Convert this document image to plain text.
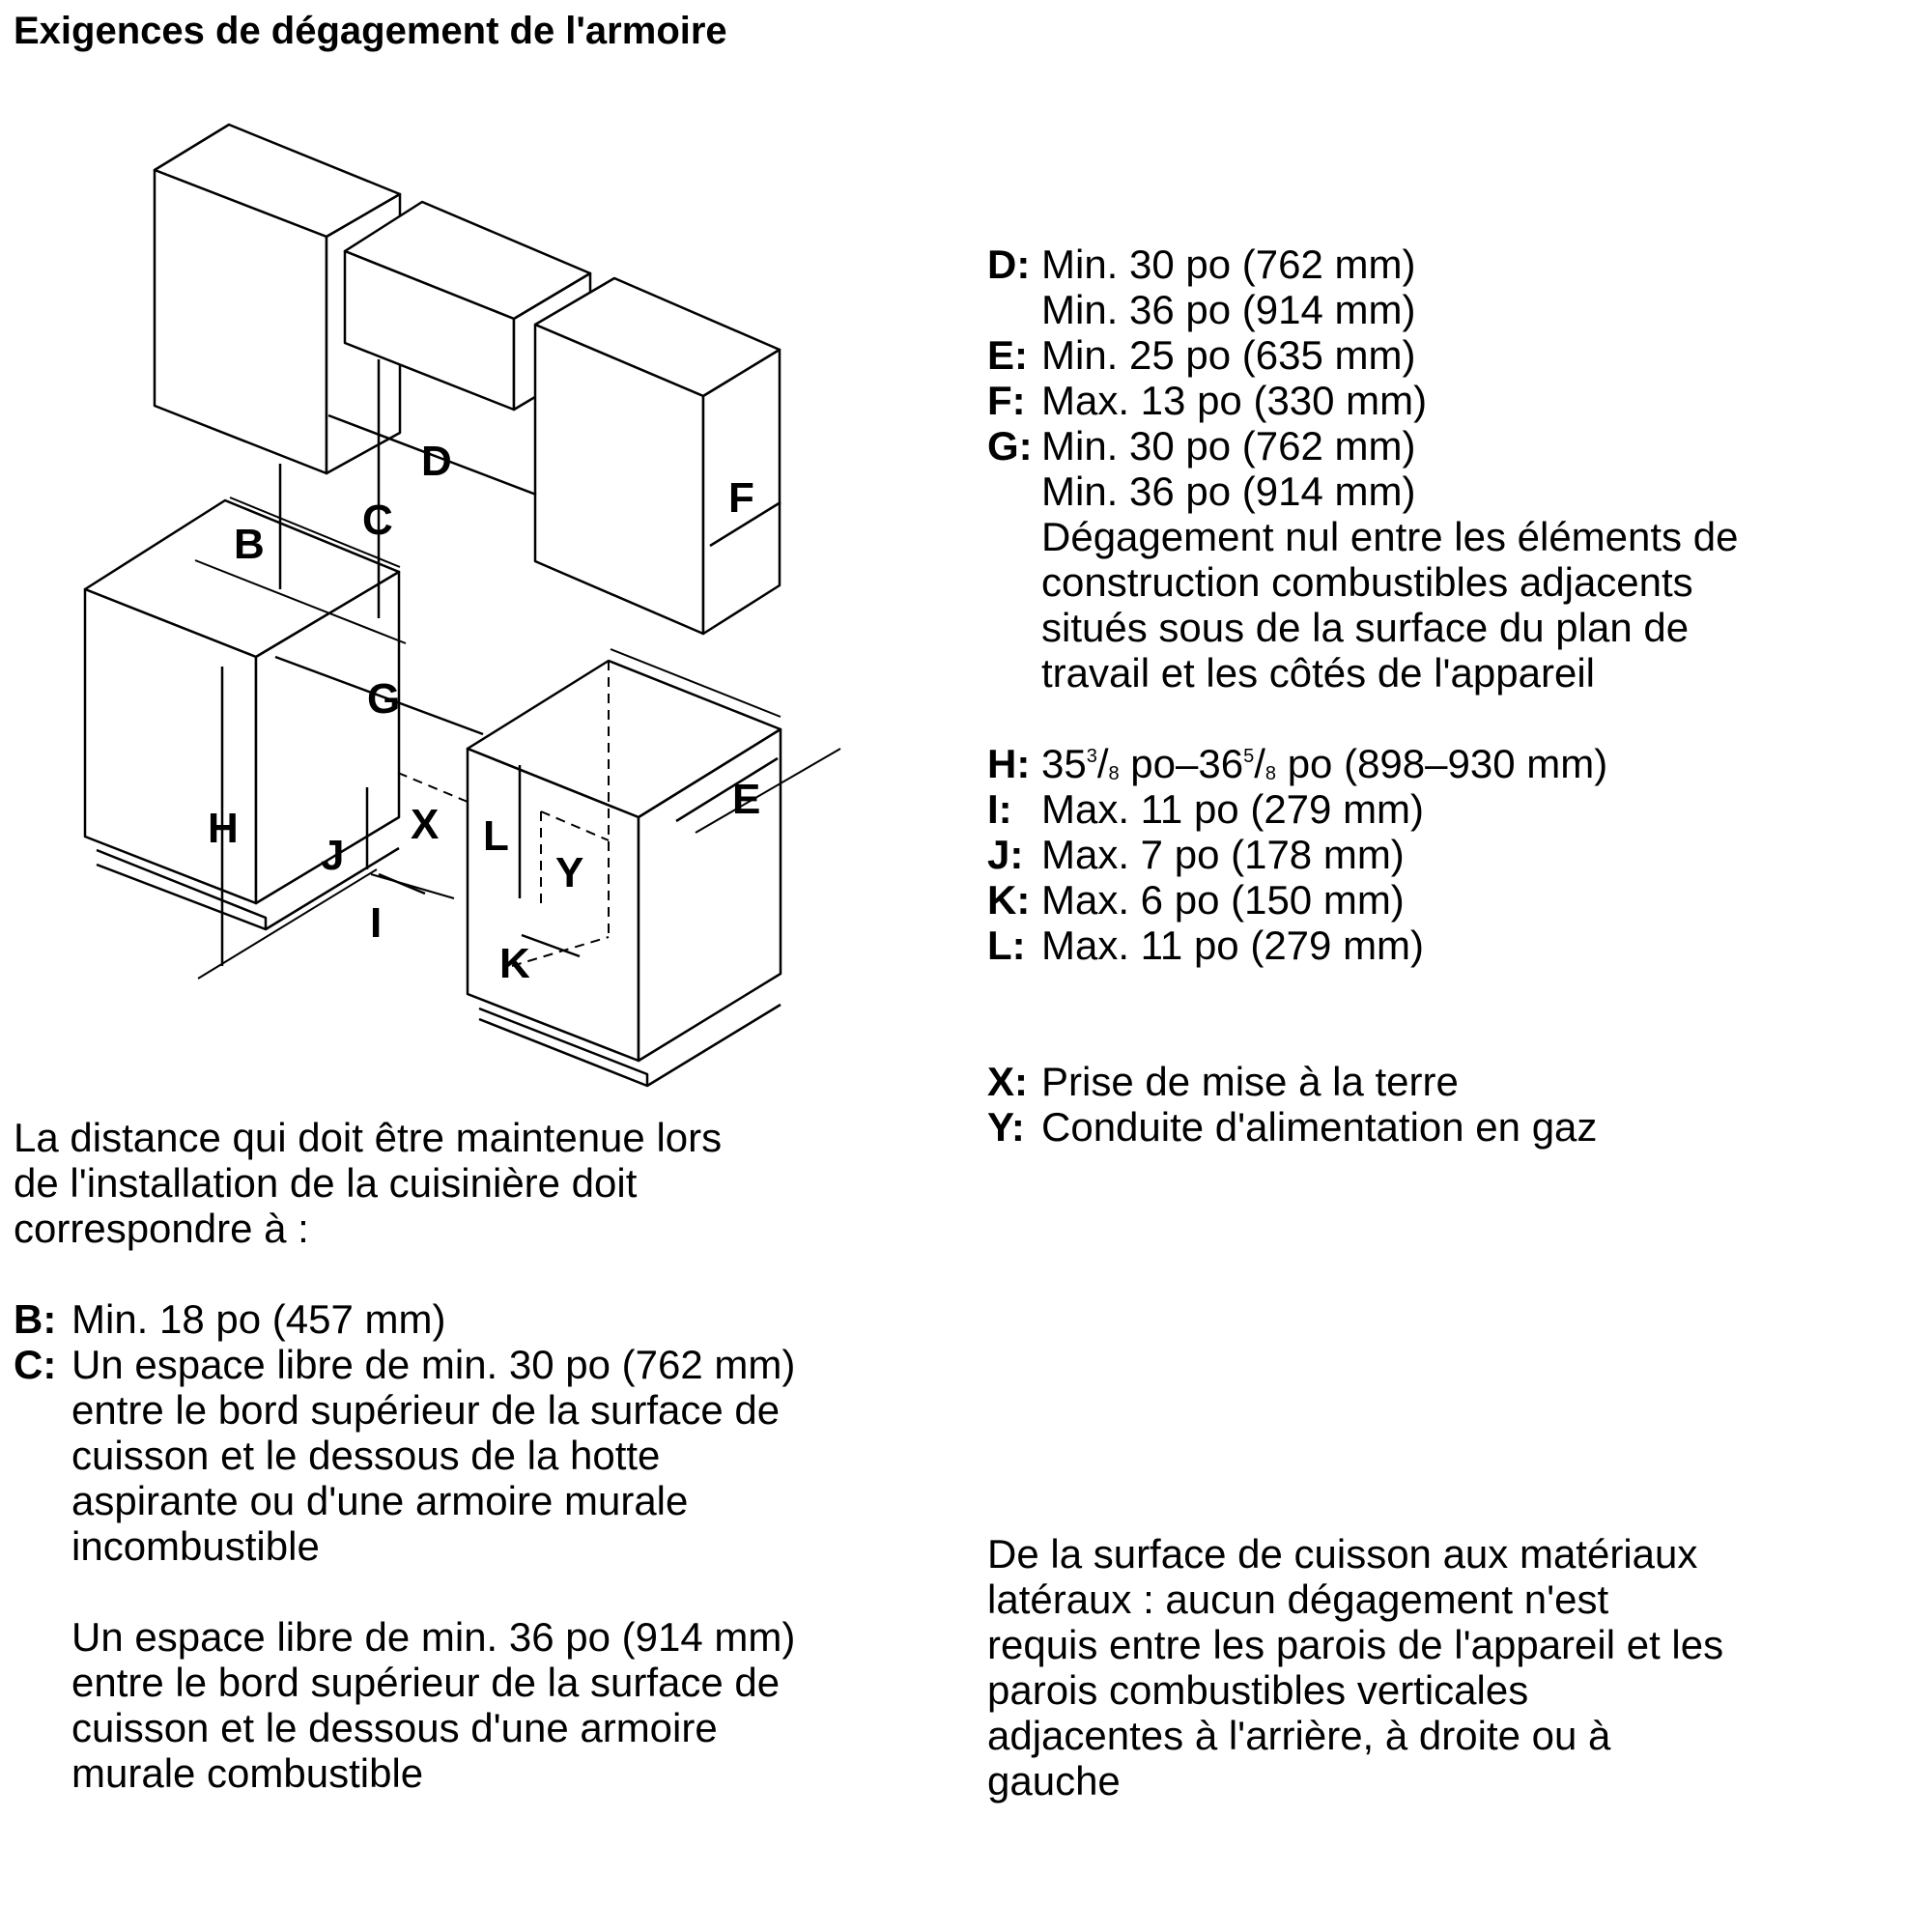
Exigences de dégagement de l'armoire
B
C
D
E
F
G
H
I
J
K
L
X
Y
La distance qui doit être maintenue lors
de l'installation de la cuisinière doit
correspondre à :
B: Min. 18 po (457 mm)
C: Un espace libre de min. 30 po (762 mm)
entre le bord supérieur de la surface de
cuisson et le dessous de la hotte
aspirante ou d'une armoire murale
incombustible
Un espace libre de min. 36 po (914 mm)
entre le bord supérieur de la surface de
cuisson et le dessous d'une armoire
murale combustible
D: Min. 30 po (762 mm)
Min. 36 po (914 mm)
E: Min. 25 po (635 mm)
F: Max. 13 po (330 mm)
G: Min. 30 po (762 mm)
Min. 36 po (914 mm)
Dégagement nul entre les éléments de
construction combustibles adjacents
situés sous de la surface du plan de
travail et les côtés de l'appareil
H: $35^3/_8$ $po-36^5/_8$ po (898–930 mm)
I: Max. 11 po (279 mm)
J: Max. 7 po (178 mm)
K: Max. 6 po (150 mm)
L: Max. 11 po (279 mm)
X: Prise de mise à la terre
Y: Conduite d'alimentation en gaz
De la surface de cuisson aux matériaux
latéraux : aucun dégagement n'est
requis entre les parois de l'appareil et les
parois combustibles verticales
adjacentes à l'arrière, à droite ou à
gauche
